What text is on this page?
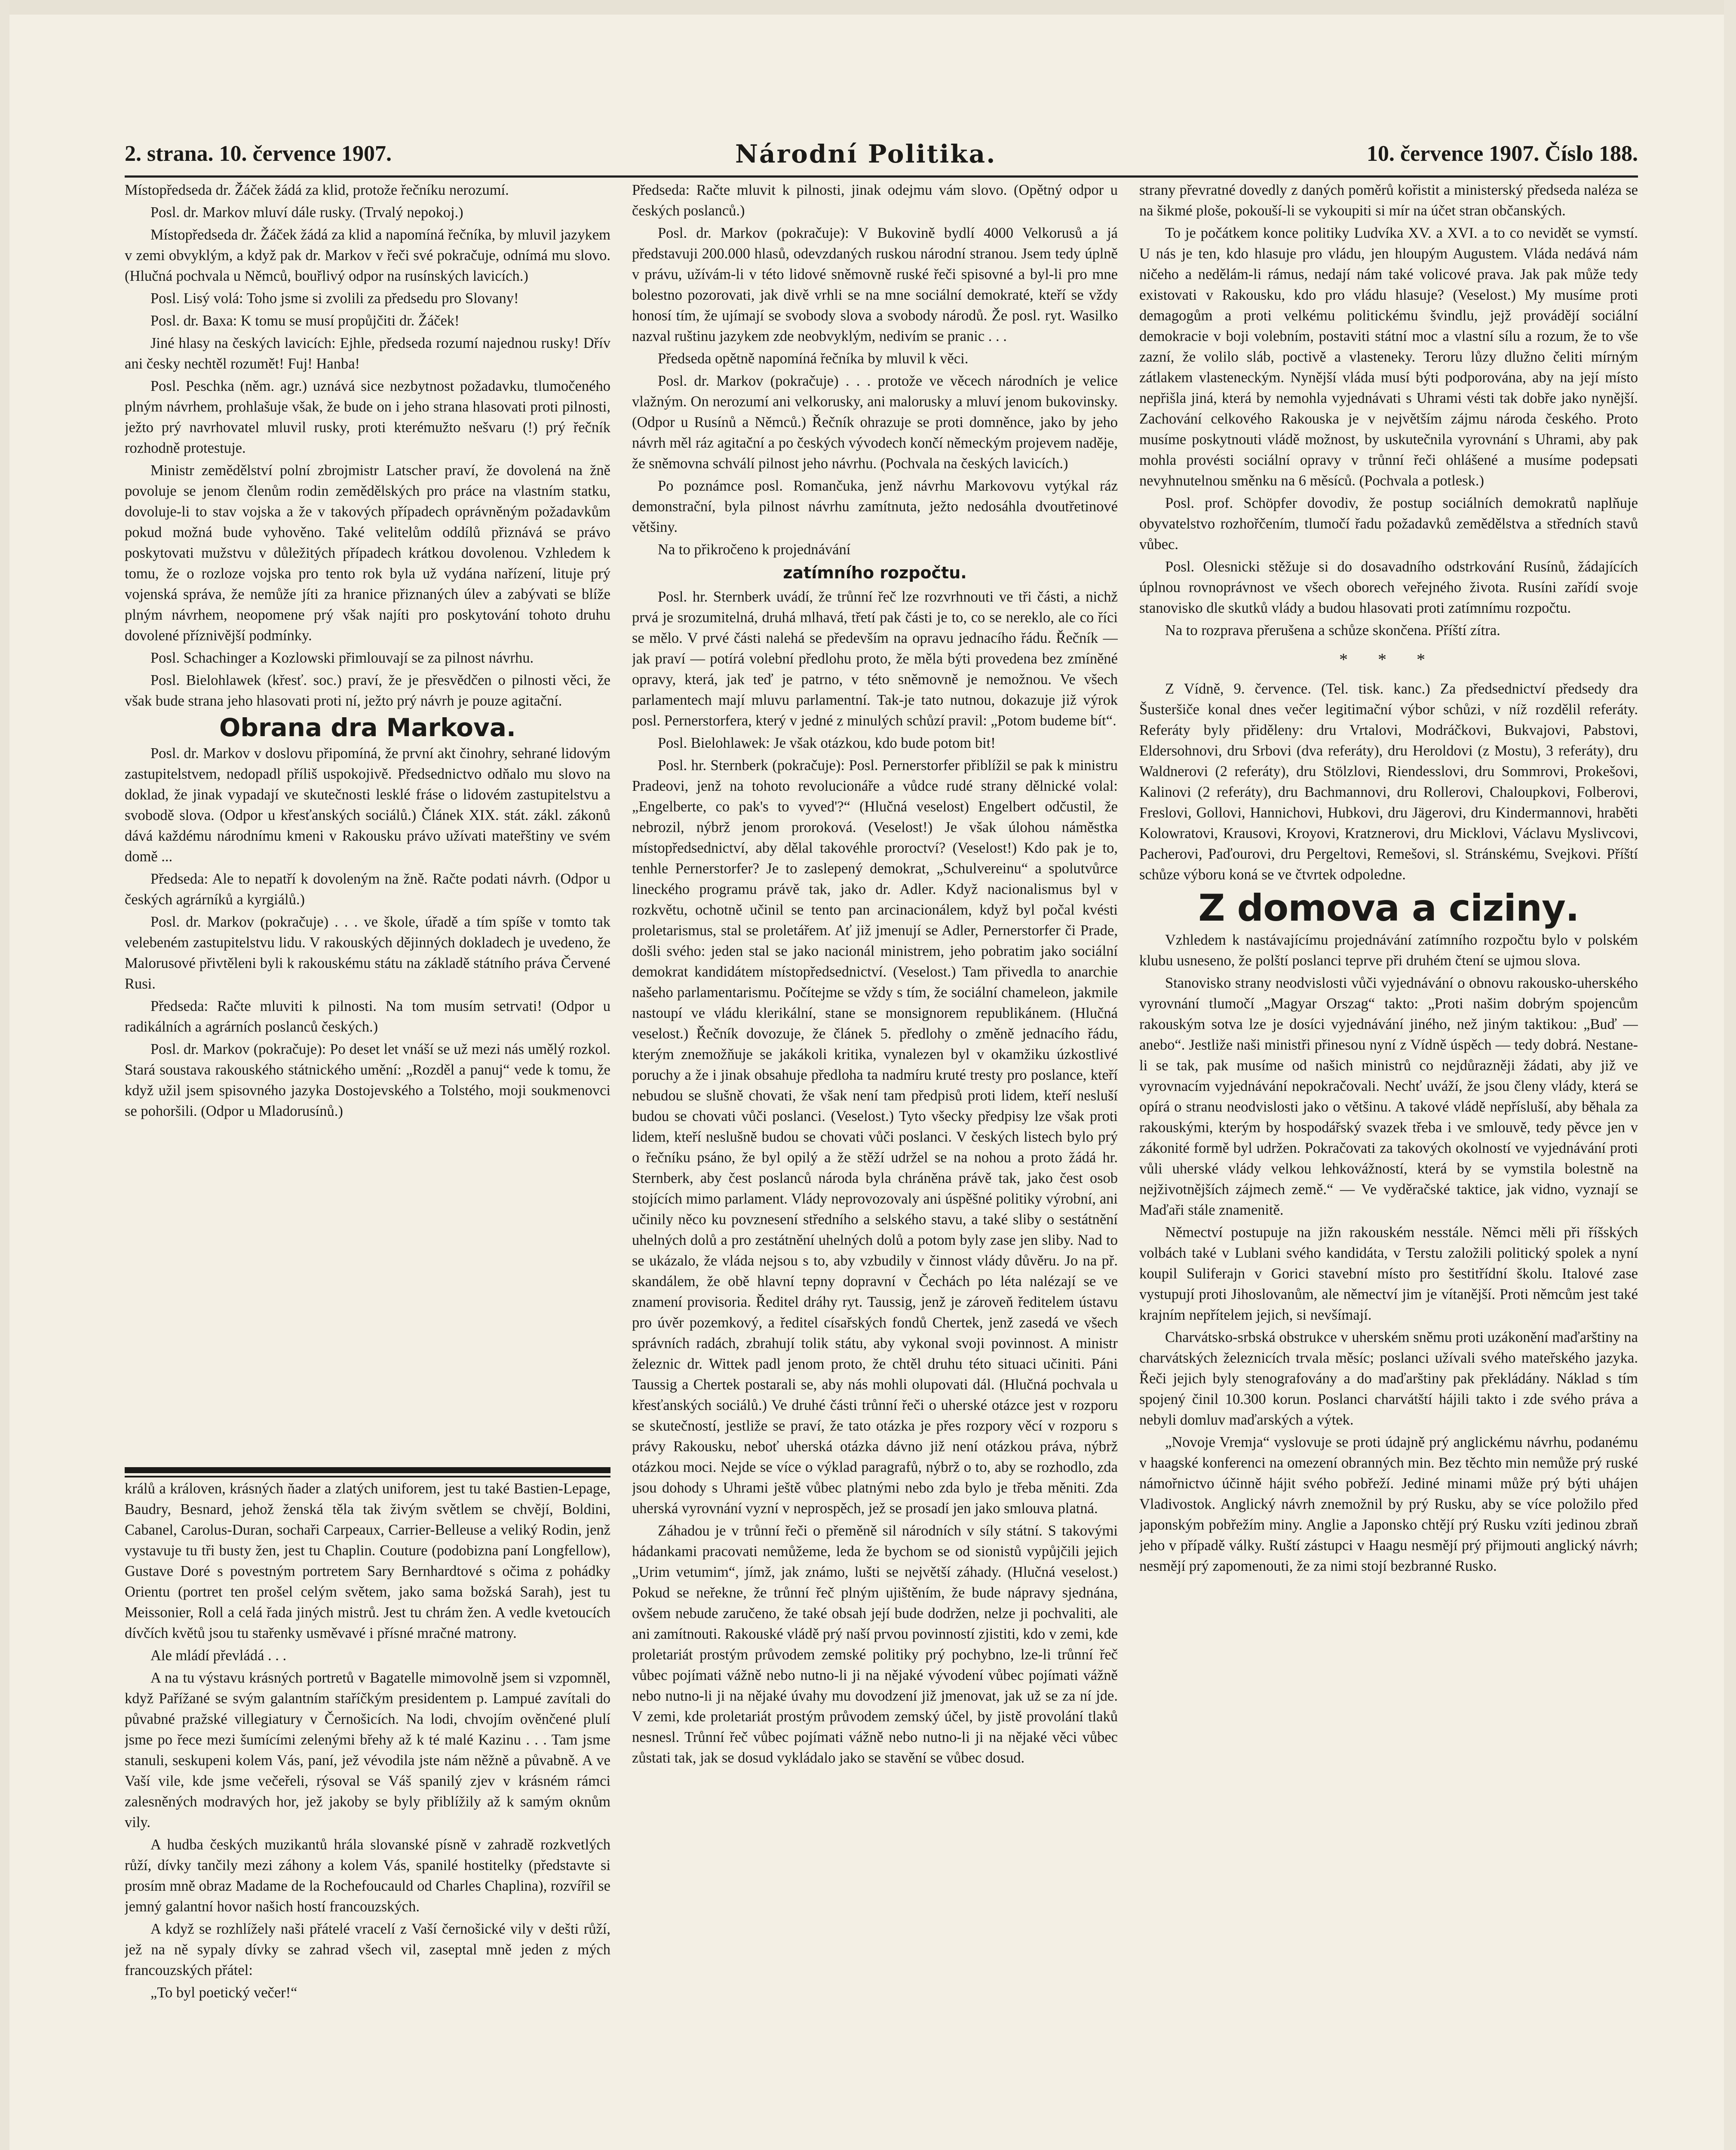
2. strana. 10. července 1907.	Národní Politika.	10. července 1907. Číslo 188.

Místopředseda dr. Žáček žádá za klid, protože řečníku nerozumí.

Posl. dr. Markov mluví dále rusky. (Trvalý nepokoj.)

Místopředseda dr. Žáček žádá za klid a napomíná řečníka, by mluvil jazykem v zemi obvyklým, a když pak dr. Markov v řeči své pokračuje, odnímá mu slovo. (Hlučná pochvala u Němců, bouřlivý odpor na rusínských lavicích.)

Posl. Lisý volá: Toho jsme si zvolili za předsedu pro Slovany!

Posl. dr. Baxa: K tomu se musí propůjčiti dr. Žáček!

Jiné hlasy na českých lavicích: Ejhle, předseda rozumí najednou rusky! Dřív ani česky nechtěl rozumět! Fuj! Hanba!

Posl. Peschka (něm. agr.) uznává sice nezbytnost požadavku, tlumočeného plným návrhem, prohlašuje však, že bude on i jeho strana hlasovati proti pilnosti, ježto prý navrhovatel mluvil rusky, proti kterémužto nešvaru (!) prý řečník rozhodně protestuje.

Ministr zemědělství polní zbrojmistr Latscher praví, že dovolená na žně povoluje se jenom členům rodin zemědělských pro práce na vlastním statku, dovoluje-li to stav vojska a že v takových případech oprávněným požadavkům pokud možná bude vyhověno. Také velitelům oddílů přiznává se právo poskytovati mužstvu v důležitých případech krátkou dovolenou. Vzhledem k tomu, že o rozloze vojska pro tento rok byla už vydána nařízení, lituje prý vojenská správa, že nemůže jíti za hranice přiznaných úlev a zabývati se blíže plným návrhem, neopomene prý však najíti pro poskytování tohoto druhu dovolené příznivější podmínky.

Posl. Schachinger a Kozlowski přimlouvají se za pilnost návrhu.

Posl. Bielohlawek (křesť. soc.) praví, že je přesvědčen o pilnosti věci, že však bude strana jeho hlasovati proti ní, ježto prý návrh je pouze agitační.

Obrana dra Markova.

Posl. dr. Markov v doslovu připomíná, že první akt činohry, sehrané lidovým zastupitelstvem, nedopadl příliš uspokojivě. Předsednictvo odňalo mu slovo na doklad, že jinak vypadají ve skutečnosti lesklé fráse o lidovém zastupitelstvu a svobodě slova. (Odpor u křesťanských sociálů.) Článek XIX. stát. zákl. zákonů dává každému národnímu kmeni v Rakousku právo užívati mateřštiny ve svém domě ...

Předseda: Ale to nepatří k dovoleným na žně. Račte podati návrh. (Odpor u českých agrárníků a kyrgiálů.)

Posl. dr. Markov (pokračuje) . . . ve škole, úřadě a tím spíše v tomto tak velebeném zastupitelstvu lidu. V rakouských dějinných dokladech je uvedeno, že Malorusové přivtěleni byli k rakouskému státu na základě státního práva Červené Rusi.

Předseda: Račte mluviti k pilnosti. Na tom musím setrvati! (Odpor u radikálních a agrárních poslanců českých.)

Posl. dr. Markov (pokračuje): Po deset let vnáší se už mezi nás umělý rozkol. Stará soustava rakouského státnického umění: „Rozděl a panuj“ vede k tomu, že když užil jsem spisovného jazyka Dostojevského a Tolstého, moji soukmenovci se pohoršili. (Odpor u Mladorusínů.)

králů a královen, krásných ňader a zlatých uniforem, jest tu také Bastien-Lepage, Baudry, Besnard, jehož ženská těla tak živým světlem se chvějí, Boldini, Cabanel, Carolus-Duran, sochaři Carpeaux, Carrier-Belleuse a veliký Rodin, jenž vystavuje tu tři busty žen, jest tu Chaplin. Couture (podobizna paní Longfellow), Gustave Doré s povestným portretem Sary Bernhardtové s očima z pohádky Orientu (portret ten prošel celým světem, jako sama božská Sarah), jest tu Meissonier, Roll a celá řada jiných mistrů. Jest tu chrám žen. A vedle kvetoucích dívčích květů jsou tu stařenky usměvavé i přísné mračné matrony.

Ale mládí převládá . . .

A na tu výstavu krásných portretů v Bagatelle mimovolně jsem si vzpomněl, když Pařížané se svým galantním staříčkým presidentem p. Lampué zavítali do půvabné pražské villegiatury v Černošicích. Na lodi, chvojím ověnčené plulí jsme po řece mezi šumícími zelenými břehy až k té malé Kazinu . . . Tam jsme stanuli, seskupeni kolem Vás, paní, jež vévodila jste nám něžně a půvabně. A ve Vaší vile, kde jsme večeřeli, rýsoval se Váš spanilý zjev v krásném rámci zalesněných modravých hor, jež jakoby se byly přiblížily až k samým oknům vily.

A hudba českých muzikantů hrála slovanské písně v zahradě rozkvetlých růží, dívky tančily mezi záhony a kolem Vás, spanilé hostitelky (představte si prosím mně obraz Madame de la Rochefoucauld od Charles Chaplina), rozvířil se jemný galantní hovor našich hostí francouzských.

A když se rozhlížely naši přátelé vracelí z Vaší černošické vily v dešti růží, jež na ně sypaly dívky se zahrad všech vil, zaseptal mně jeden z mých francouzských přátel:

„To byl poetický večer!“

Předseda: Račte mluvit k pilnosti, jinak odejmu vám slovo. (Opětný odpor u českých poslanců.)

Posl. dr. Markov (pokračuje): V Bukovině bydlí 4000 Velkorusů a já představuji 200.000 hlasů, odevzdaných ruskou národní stranou. Jsem tedy úplně v právu, užívám-li v této lidové sněmovně ruské řeči spisovné a byl-li pro mne bolestno pozorovati, jak divě vrhli se na mne sociální demokraté, kteří se vždy honosí tím, že ujímají se svobody slova a svobody národů. Že posl. ryt. Wasilko nazval ruštinu jazykem zde neobvyklým, nedivím se pranic . . .

Předseda opětně napomíná řečníka by mluvil k věci.

Posl. dr. Markov (pokračuje) . . . protože ve věcech národních je velice vlažným. On nerozumí ani velkorusky, ani malorusky a mluví jenom bukovinsky. (Odpor u Rusínů a Němců.) Řečník ohrazuje se proti domněnce, jako by jeho návrh měl ráz agitační a po českých vývodech končí německým projevem naděje, že sněmovna schválí pilnost jeho návrhu. (Pochvala na českých lavicích.)

Po poznámce posl. Romančuka, jenž návrhu Markovovu vytýkal ráz demonstrační, byla pilnost návrhu zamítnuta, ježto nedosáhla dvoutřetinové většiny.

Na to přikročeno k projednávání

zatímního rozpočtu.

Posl. hr. Sternberk uvádí, že trůnní řeč lze rozvrhnouti ve tři části, a nichž prvá je srozumitelná, druhá mlhavá, třetí pak části je to, co se nereklo, ale co říci se mělo. V prvé části nalehá se především na opravu jednacího řádu. Řečník — jak praví — potírá volební předlohu proto, že měla býti provedena bez zmíněné opravy, která, jak teď je patrno, v této sněmovně je nemožnou. Ve všech parlamentech mají mluvu parlamentní. Tak-je tato nutnou, dokazuje již výrok posl. Pernerstorfera, který v jedné z minulých schůzí pravil: „Potom budeme bít“.

Posl. Bielohlawek: Je však otázkou, kdo bude potom bit!

Posl. hr. Sternberk (pokračuje): Posl. Pernerstorfer přiblížil se pak k ministru Pradeovi, jenž na tohoto revolucionáře a vůdce rudé strany dělnické volal: „Engelberte, co pak's to vyved'?“ (Hlučná veselost) Engelbert odčustil, že nebrozil, nýbrž jenom proroková. (Veselost!) Je však úlohou náměstka místopředsednictví, aby dělal takovéhle proroctví? (Veselost!) Kdo pak je to, tenhle Pernerstorfer? Je to zaslepený demokrat, „Schulvereinu“ a spolutvůrce lineckého programu právě tak, jako dr. Adler. Když nacionalismus byl v rozkvětu, ochotně učinil se tento pan arcinacionálem, když byl počal kvésti proletarismus, stal se proletářem. Ať již jmenují se Adler, Pernerstorfer či Prade, došli svého: jeden stal se jako nacionál ministrem, jeho pobratim jako sociální demokrat kandidátem místopředsednictví. (Veselost.) Tam přivedla to anarchie našeho parlamentarismu. Počítejme se vždy s tím, že sociální chameleon, jakmile nastoupí ve vládu klerikální, stane se monsignorem republikánem. (Hlučná veselost.) Řečník dovozuje, že článek 5. předlohy o změně jednacího řádu, kterým znemožňuje se jakákoli kritika, vynalezen byl v okamžiku úzkostlivé poruchy a že i jinak obsahuje předloha ta nadmíru kruté tresty pro poslance, kteří nebudou se slušně chovati, že však není tam předpisů proti lidem, kteří nesluší budou se chovati vůči poslanci. (Veselost.) Tyto všecky předpisy lze však proti lidem, kteří neslušně budou se chovati vůči poslanci. V českých listech bylo prý o řečníku psáno, že byl opilý a že stěží udržel se na nohou a proto žádá hr. Sternberk, aby čest poslanců národa byla chráněna právě tak, jako čest osob stojících mimo parlament. Vlády neprovozovaly ani úspěšné politiky výrobní, ani učinily něco ku povznesení středního a selského stavu, a také sliby o sestátnění uhelných dolů a pro zestátnění uhelných dolů a potom byly zase jen sliby. Nad to se ukázalo, že vláda nejsou s to, aby vzbudily v činnost vlády důvěru. Jo na př. skandálem, že obě hlavní tepny dopravní v Čechách po léta nalézají se ve znamení provisoria. Ředitel dráhy ryt. Taussig, jenž je zároveň ředitelem ústavu pro úvěr pozemkový, a ředitel císařských fondů Chertek, jenž zasedá ve všech správních radách, zbrahují tolik státu, aby vykonal svoji povinnost. A ministr železnic dr. Wittek padl jenom proto, že chtěl druhu této situaci učiniti. Páni Taussig a Chertek postarali se, aby nás mohli olupovati dál. (Hlučná pochvala u křesťanských sociálů.) Ve druhé části trůnní řeči o uherské otázce jest v rozporu se skutečností, jestliže se praví, že tato otázka je přes rozpory věcí v rozporu s právy Rakousku, neboť uherská otázka dávno již není otázkou práva, nýbrž otázkou moci. Nejde se více o výklad paragrafů, nýbrž o to, aby se rozhodlo, zda jsou dohody s Uhrami ještě vůbec platnými nebo zda bylo je třeba měniti. Zda uherská vyrovnání vyzní v neprospěch, jež se prosadí jen jako smlouva platná.

Záhadou je v trůnní řeči o přeměně sil národních v síly státní. S takovými hádankami pracovati nemůžeme, leda že bychom se od sionistů vypůjčili jejich „Urim vetumim“, jímž, jak známo, lušti se největší záhady. (Hlučná veselost.) Pokud se neřekne, že trůnní řeč plným ujištěním, že bude nápravy sjednána, ovšem nebude zaručeno, že také obsah její bude dodržen, nelze ji pochvaliti, ale ani zamítnouti. Rakouské vládě prý naší prvou povinností zjistiti, kdo v zemi, kde proletariát prostým průvodem zemské politiky prý pochybno, lze-li trůnní řeč vůbec pojímati vážně nebo nutno-li ji na nějaké vývodení vůbec pojímati vážně nebo nutno-li ji na nějaké úvahy mu dovodzení již jmenovat, jak už se za ní jde. V zemi, kde proletariát prostým průvodem zemský účel, by jistě provolání tlaků nesnesl. Trůnní řeč vůbec pojímati vážně nebo nutno-li ji na nějaké věci vůbec zůstati tak, jak se dosud vykládalo jako se stavění se vůbec dosud.

strany převratné dovedly z daných poměrů kořistit a ministerský předseda naléza se na šikmé ploše, pokouší-li se vykoupiti si mír na účet stran občanských.

To je počátkem konce politiky Ludvíka XV. a XVI. a to co nevidět se vymstí. U nás je ten, kdo hlasuje pro vládu, jen hloupým Augustem. Vláda nedává nám ničeho a nedělám-li rámus, nedají nám také volicové prava. Jak pak může tedy existovati v Rakousku, kdo pro vládu hlasuje? (Veselost.) My musíme proti demagogům a proti velkému politickému švindlu, jejž provádějí sociální demokracie v boji volebním, postaviti státní moc a vlastní sílu a rozum, že to vše zazní, že volilo sláb, poctivě a vlasteneky. Teroru lůzy dlužno čeliti mírným zátlakem vlasteneckým. Nynější vláda musí býti podporována, aby na její místo nepřišla jiná, která by nemohla vyjednávati s Uhrami vésti tak dobře jako nynější. Zachování celkového Rakouska je v největším zájmu národa českého. Proto musíme poskytnouti vládě možnost, by uskutečnila vyrovnání s Uhrami, aby pak mohla provésti sociální opravy v trůnní řeči ohlášené a musíme podepsati nevyhnutelnou směnku na 6 měsíců. (Pochvala a potlesk.)

Posl. prof. Schöpfer dovodiv, že postup sociálních demokratů naplňuje obyvatelstvo rozhořčením, tlumočí řadu požadavků zemědělstva a středních stavů vůbec.

Posl. Olesnicki stěžuje si do dosavadního odstrkování Rusínů, žádajících úplnou rovnoprávnost ve všech oborech veřejného života. Rusíni zařídí svoje stanovisko dle skutků vlády a budou hlasovati proti zatímnímu rozpočtu.

Na to rozprava přerušena a schůze skončena. Příští zítra.

* * *

Z Vídně, 9. července. (Tel. tisk. kanc.) Za předsednictví předsedy dra Šusteršiče konal dnes večer legitimační výbor schůzi, v níž rozdělil referáty. Referáty byly přiděleny: dru Vrtalovi, Modráčkovi, Bukvajovi, Pabstovi, Eldersohnovi, dru Srbovi (dva referáty), dru Heroldovi (z Mostu), 3 referáty), dru Waldnerovi (2 referáty), dru Stölzlovi, Riendesslovi, dru Sommrovi, Prokešovi, Kalinovi (2 referáty), dru Bachmannovi, dru Rollerovi, Chaloupkovi, Folberovi, Freslovi, Gollovi, Hannichovi, Hubkovi, dru Jägerovi, dru Kindermannovi, hraběti Kolowratovi, Krausovi, Kroyovi, Kratznerovi, dru Micklovi, Václavu Myslivcovi, Pacherovi, Paďourovi, dru Pergeltovi, Remešovi, sl. Stránskému, Svejkovi. Příští schůze výboru koná se ve čtvrtek odpoledne.

Z domova a cizinу.

Vzhledem k nastávajícímu projednávání zatímního rozpočtu bylo v polském klubu usneseno, že polští poslanci teprve při druhém čtení se ujmou slova.

Stanovisko strany neodvislosti vůči vyjednávání o obnovu rakousko-uherského vyrovnání tlumočí „Magyar Orszag“ takto: „Proti našim dobrým spojencům rakouským sotva lze je dosíci vyjednávání jiného, než jiným taktikou: „Buď — anebo“. Jestliže naši ministři přinesou nyní z Vídně úspěch — tedy dobrá. Nestane-li se tak, pak musíme od našich ministrů co nejdůrazněji žádati, aby již ve vyrovnacím vyjednávání nepokračovali. Nechť uváží, že jsou členy vlády, která se opírá o stranu neodvislosti jako o většinu. A takové vládě nepřísluší, aby běhala za rakouskými, kterým by hospodářský svazek třeba i ve smlouvě, tedy pěvce jen v zákonité formě byl udržen. Pokračovati za takových okolností ve vyjednávání proti vůli uherské vlády velkou lehkovážností, která by se vymstila bolestně na nejživotnějších zájmech země.“ — Ve vyděračské taktice, jak vidno, vyznají se Maďaři stále znamenitě.

Němectví postupuje na jižn rakouském nesstále. Němci měli při říšských volbách také v Lublani svého kandidáta, v Terstu založili politický spolek a nyní koupil Suliferajn v Gorici stavební místo pro šestitřídní školu. Italové zase vystupují proti Jihoslovanům, ale němectví jim je vítanější. Proti němcům jest také krajním nepřítelem jejich, si nevšímají.

Charvátsko-srbská obstrukce v uherském sněmu proti uzákonění maďarštiny na charvátských železnicích trvala měsíc; poslanci užívali svého mateřského jazyka. Řeči jejich byly stenografovány a do maďarštiny pak překládány. Náklad s tím spojený činil 10.300 korun. Poslanci charvátští hájili takto i zde svého práva a nebyli domluv maďarských a výtek.

„Novoje Vremja“ vyslovuje se proti údajně prý anglickému návrhu, podanému v haagské konferenci na omezení obranných min. Bez těchto min nemůže prý ruské námořnictvo účinně hájit svého pobřeží. Jediné minami může prý býti uhájen Vladivostok. Anglický návrh znemožnil by prý Rusku, aby se více položilo před japonským pobřežím miny. Anglie a Japonsko chtějí prý Rusku vzíti jedinou zbraň jeho v případě války. Ruští zástupci v Haagu nesmějí prý přijmouti anglický návrh; nesmějí prý zapomenouti, že za nimi stojí bezbranné Rusko.
